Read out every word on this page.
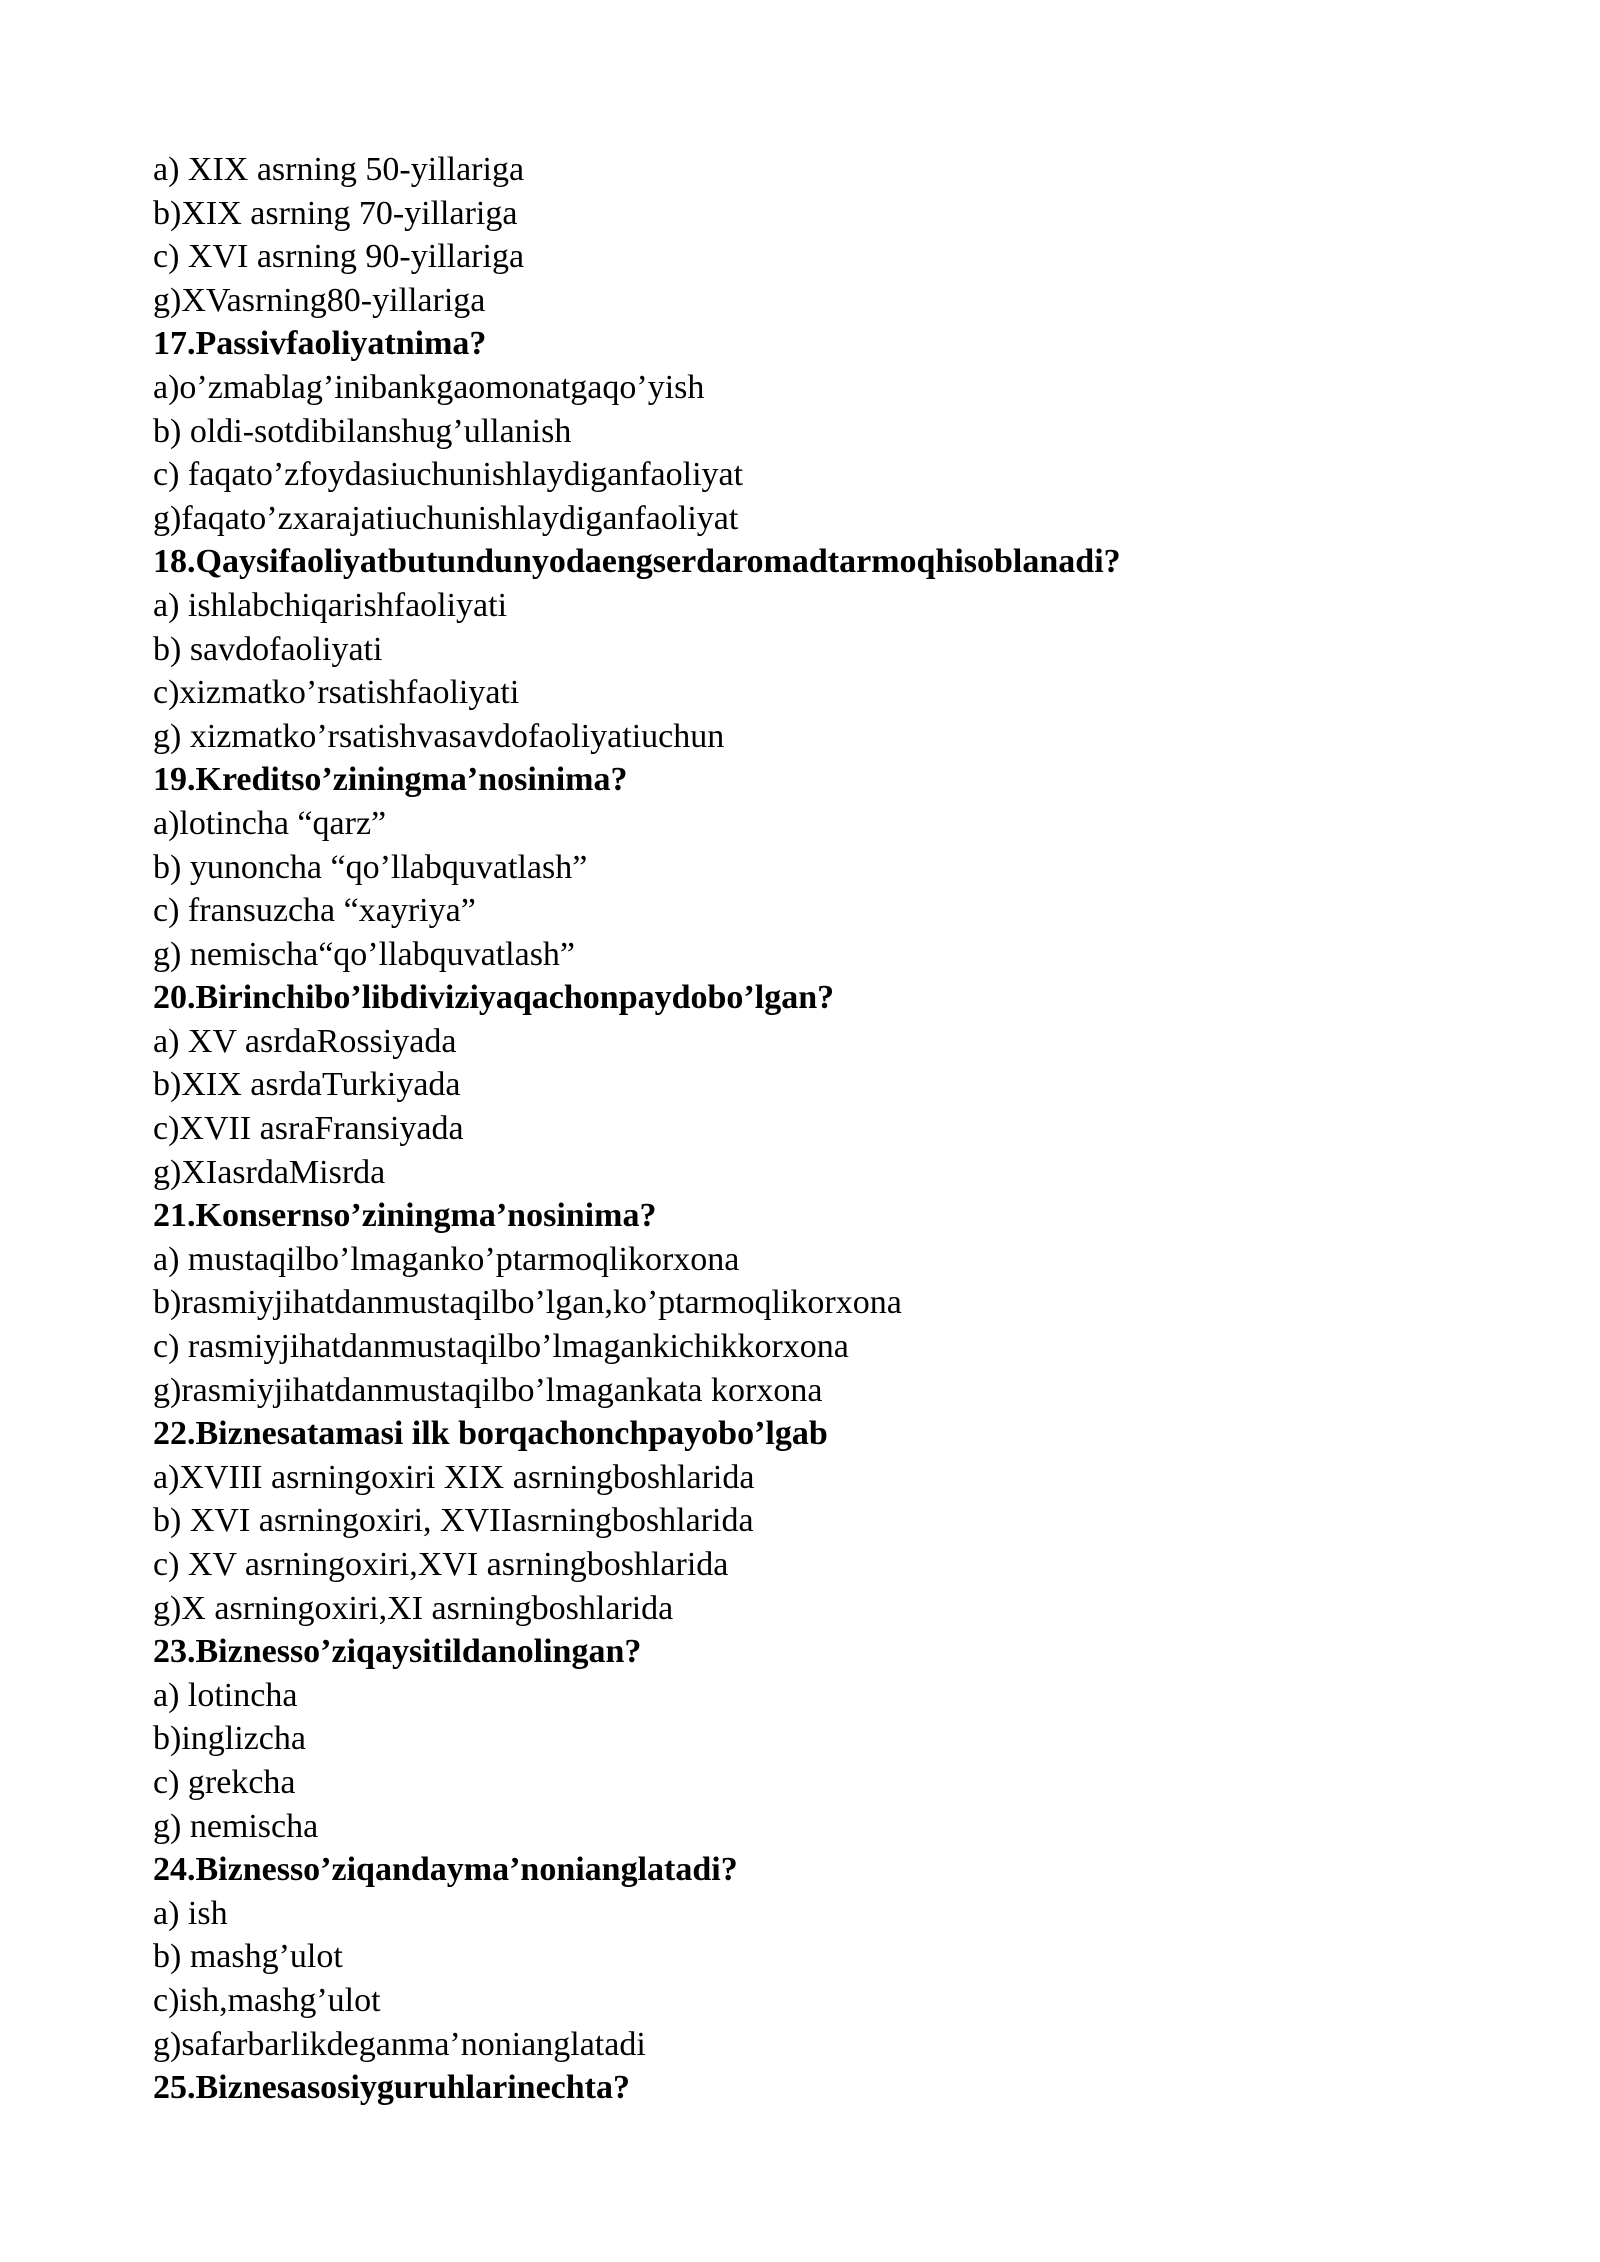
a) XIX asrning 50-yillariga
b)XIX asrning 70-yillariga
c) XVI asrning 90-yillariga
g)XVasrning80-yillariga
17.Passivfaoliyatnima?
a)o’zmablag’inibankgaomonatgaqo’yish
b) oldi-sotdibilanshug’ullanish
c) faqato’zfoydasiuchunishlaydiganfaoliyat
g)faqato’zxarajatiuchunishlaydiganfaoliyat
18.Qaysifaoliyatbutundunyodaengserdaromadtarmoqhisoblanadi?
a) ishlabchiqarishfaoliyati
b) savdofaoliyati
c)xizmatko’rsatishfaoliyati
g) xizmatko’rsatishvasavdofaoliyatiuchun
19.Kreditso’ziningma’nosinima?
a)lotincha “qarz”
b) yunoncha “qo’llabquvatlash”
c) fransuzcha “xayriya”
g) nemischa“qo’llabquvatlash”
20.Birinchibo’libdiviziyaqachonpaydobo’lgan?
a) XV asrdaRossiyada
b)XIX asrdaTurkiyada
c)XVII asraFransiyada
g)XIasrdaMisrda
21.Konsernso’ziningma’nosinima?
a) mustaqilbo’lmaganko’ptarmoqlikorxona
b)rasmiyjihatdanmustaqilbo’lgan,ko’ptarmoqlikorxona
c) rasmiyjihatdanmustaqilbo’lmagankichikkorxona
g)rasmiyjihatdanmustaqilbo’lmagankata korxona
22.Biznesatamasi ilk borqachonchpayobo’lgab
a)XVIII asrningoxiri XIX asrningboshlarida
b) XVI asrningoxiri, XVIIasrningboshlarida
c) XV asrningoxiri,XVI asrningboshlarida
g)X asrningoxiri,XI asrningboshlarida
23.Biznesso’ziqaysitildanolingan?
a) lotincha
b)inglizcha
c) grekcha
g) nemischa
24.Biznesso’ziqandayma’nonianglatadi?
a) ish
b) mashg’ulot
c)ish,mashg’ulot
g)safarbarlikdeganma’nonianglatadi
25.Biznesasosiyguruhlarinechta?
